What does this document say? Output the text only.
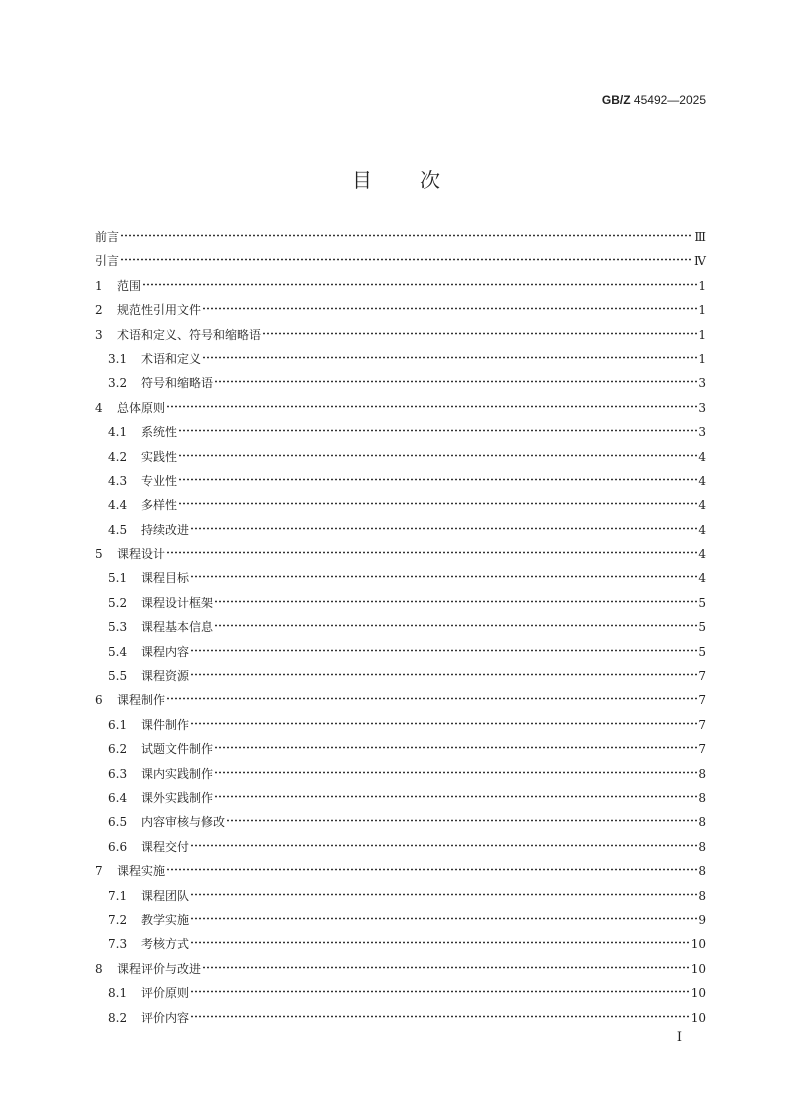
GB/Z 45492—2025
目 次
前言	Ⅲ
引言	Ⅳ
1	范围	1
2	规范性引用文件	1
3	术语和定义、符号和缩略语	1
3.1	术语和定义	1
3.2	符号和缩略语	3
4	总体原则	3
4.1	系统性	3
4.2	实践性	4
4.3	专业性	4
4.4	多样性	4
4.5	持续改进	4
5	课程设计	4
5.1	课程目标	4
5.2	课程设计框架	5
5.3	课程基本信息	5
5.4	课程内容	5
5.5	课程资源	7
6	课程制作	7
6.1	课件制作	7
6.2	试题文件制作	7
6.3	课内实践制作	8
6.4	课外实践制作	8
6.5	内容审核与修改	8
6.6	课程交付	8
7	课程实施	8
7.1	课程团队	8
7.2	教学实施	9
7.3	考核方式	10
8	课程评价与改进	10
8.1	评价原则	10
8.2	评价内容	10
Ⅰ
